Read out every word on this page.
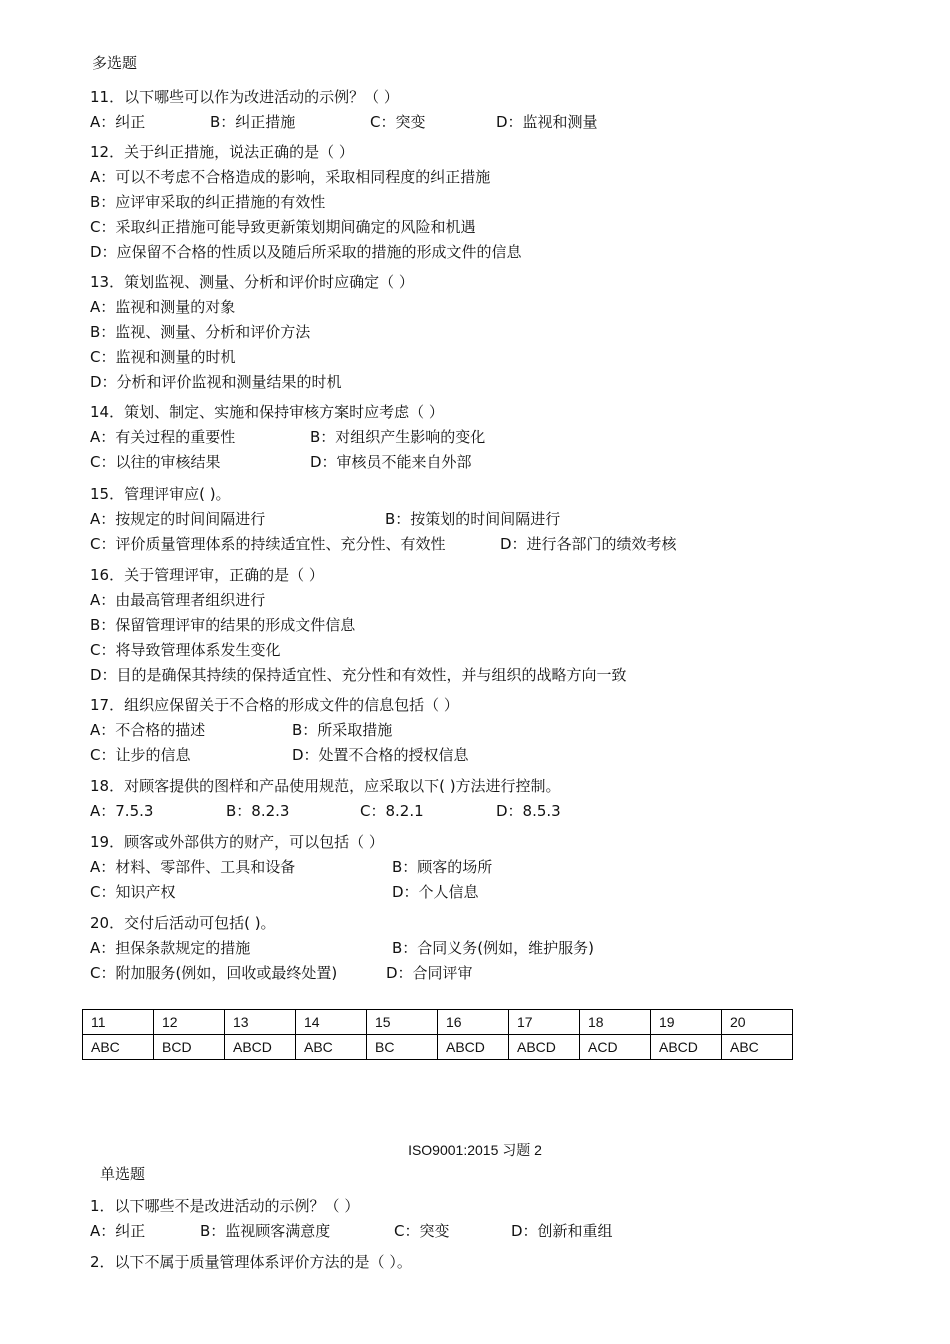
多选题
11．以下哪些可以作为改进活动的示例？（ ）
A：纠正	B：纠正措施	C：突变	D：监视和测量
12．关于纠正措施，说法正确的是（ ）
A：可以不考虑不合格造成的影响，采取相同程度的纠正措施
B：应评审采取的纠正措施的有效性
C：采取纠正措施可能导致更新策划期间确定的风险和机遇
D：应保留不合格的性质以及随后所采取的措施的形成文件的信息
13．策划监视、测量、分析和评价时应确定（ ）
A：监视和测量的对象
B：监视、测量、分析和评价方法
C：监视和测量的时机
D：分析和评价监视和测量结果的时机
14．策划、制定、实施和保持审核方案时应考虑（ ）
A：有关过程的重要性	B：对组织产生影响的变化
C：以往的审核结果	D：审核员不能来自外部
15．管理评审应( )。
A：按规定的时间间隔进行	B：按策划的时间间隔进行
C：评价质量管理体系的持续适宜性、充分性、有效性	D：进行各部门的绩效考核
16．关于管理评审，正确的是（ ）
A：由最高管理者组织进行
B：保留管理评审的结果的形成文件信息
C：将导致管理体系发生变化
D：目的是确保其持续的保持适宜性、充分性和有效性，并与组织的战略方向一致
17．组织应保留关于不合格的形成文件的信息包括（ ）
A：不合格的描述	B：所采取措施
C：让步的信息	D：处置不合格的授权信息
18．对顾客提供的图样和产品使用规范，应采取以下( )方法进行控制。
A：7.5.3	B：8.2.3	C：8.2.1	D：8.5.3
19．顾客或外部供方的财产，可以包括（ ）
A：材料、零部件、工具和设备	B：顾客的场所
C：知识产权	D：个人信息
20．交付后活动可包括( )。
A：担保条款规定的措施	B：合同义务(例如，维护服务)
C：附加服务(例如，回收或最终处置)	D：合同评审
11	12	13	14	15	16	17	18	19	20
ABC	BCD	ABCD	ABC	BC	ABCD	ABCD	ACD	ABCD	ABC
ISO9001:2015 习题 2
单选题
1．以下哪些不是改进活动的示例？（ ）
A：纠正	B：监视顾客满意度	C：突变	D：创新和重组
2．以下不属于质量管理体系评价方法的是（ ）。
